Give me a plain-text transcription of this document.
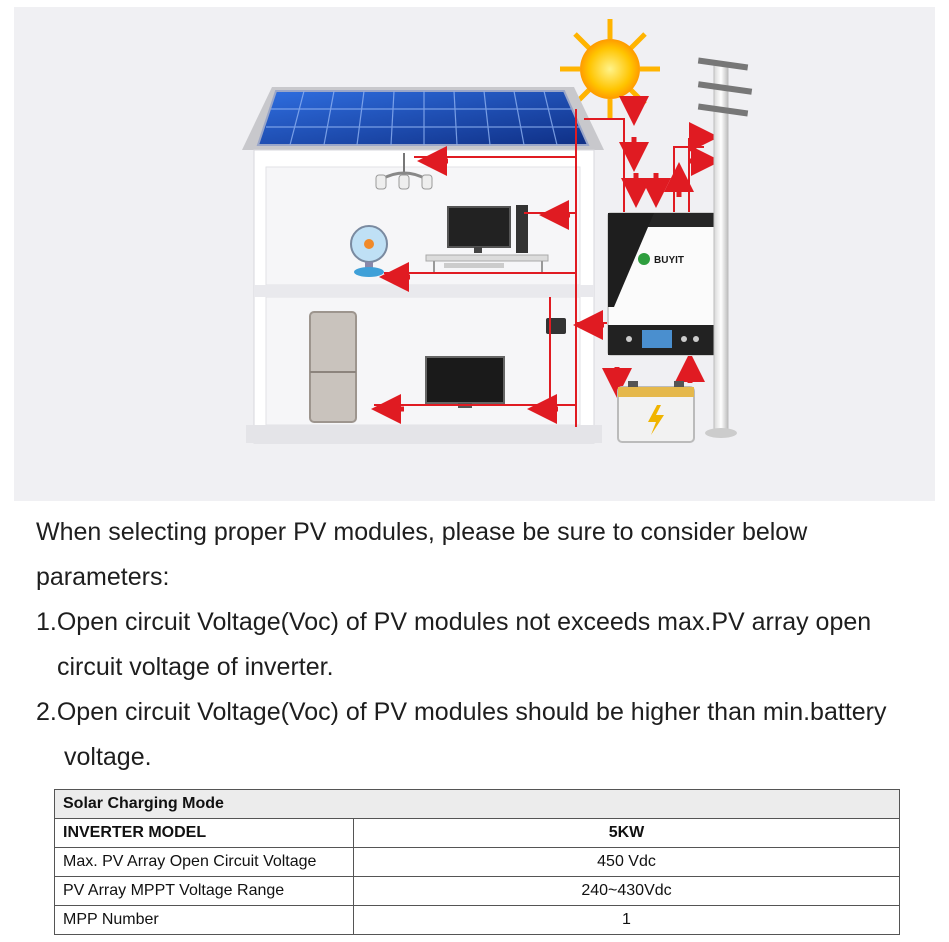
BUYIT
When selecting proper PV modules, please be sure to consider below
parameters:
1.Open circuit Voltage(Voc) of PV modules not exceeds max.PV array open
circuit voltage of inverter.
2.Open circuit Voltage(Voc) of PV modules should be higher than min.battery
voltage.
Solar Charging Mode	
INVERTER MODEL	5KW
Max. PV Array Open Circuit Voltage	450 Vdc
PV Array MPPT Voltage Range	240~430Vdc
MPP Number	1
